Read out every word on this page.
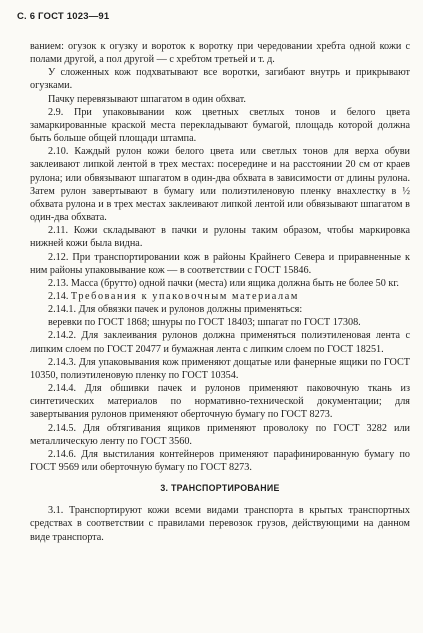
С. 6 ГОСТ 1023—91

ванием: огузок к огузку и вороток к воротку при чередовании хребта одной кожи с полами другой, а пол другой — с хребтом третьей и т. д.

У сложенных кож подхватывают все воротки, загибают внутрь и прикрывают огузками.

Пачку перевязывают шпагатом в один обхват.

2.9. При упаковывании кож цветных светлых тонов и белого цвета замаркированные краской места перекладывают бумагой, площадь которой должна быть больше общей площади штампа.

2.10. Каждый рулон кожи белого цвета или светлых тонов для верха обуви заклеивают липкой лентой в трех местах: посередине и на расстоянии 20 см от краев рулона; или обвязывают шпагатом в один-два обхвата в зависимости от длины рулона. Затем рулон завертывают в бумагу или полиэтиленовую пленку внахлестку в ½ обхвата рулона и в трех местах заклеивают липкой лентой или обвязывают шпагатом в один-два обхвата.

2.11. Кожи складывают в пачки и рулоны таким образом, чтобы маркировка нижней кожи была видна.

2.12. При транспортировании кож в районы Крайнего Севера и приравненные к ним районы упаковывание кож — в соответствии с ГОСТ 15846.

2.13. Масса (брутто) одной пачки (места) или ящика должна быть не более 50 кг.

2.14. Требования к упаковочным материалам

2.14.1. Для обвязки пачек и рулонов должны применяться:

веревки по ГОСТ 1868; шнуры по ГОСТ 18403; шпагат по ГОСТ 17308.

2.14.2. Для заклеивания рулонов должна применяться полиэтиленовая лента с липким слоем по ГОСТ 20477 и бумажная лента с липким слоем по ГОСТ 18251.

2.14.3. Для упаковывания кож применяют дощатые или фанерные ящики по ГОСТ 10350, полиэтиленовую пленку по ГОСТ 10354.

2.14.4. Для обшивки пачек и рулонов применяют паковочную ткань из синтетических материалов по нормативно-технической документации; для завертывания рулонов применяют оберточную бумагу по ГОСТ 8273.

2.14.5. Для обтягивания ящиков применяют проволоку по ГОСТ 3282 или металлическую ленту по ГОСТ 3560.

2.14.6. Для выстилания контейнеров применяют парафинированную бумагу по ГОСТ 9569 или оберточную бумагу по ГОСТ 8273.

3. ТРАНСПОРТИРОВАНИЕ

3.1. Транспортируют кожи всеми видами транспорта в крытых транспортных средствах в соответствии с правилами перевозок грузов, действующими на данном виде транспорта.
